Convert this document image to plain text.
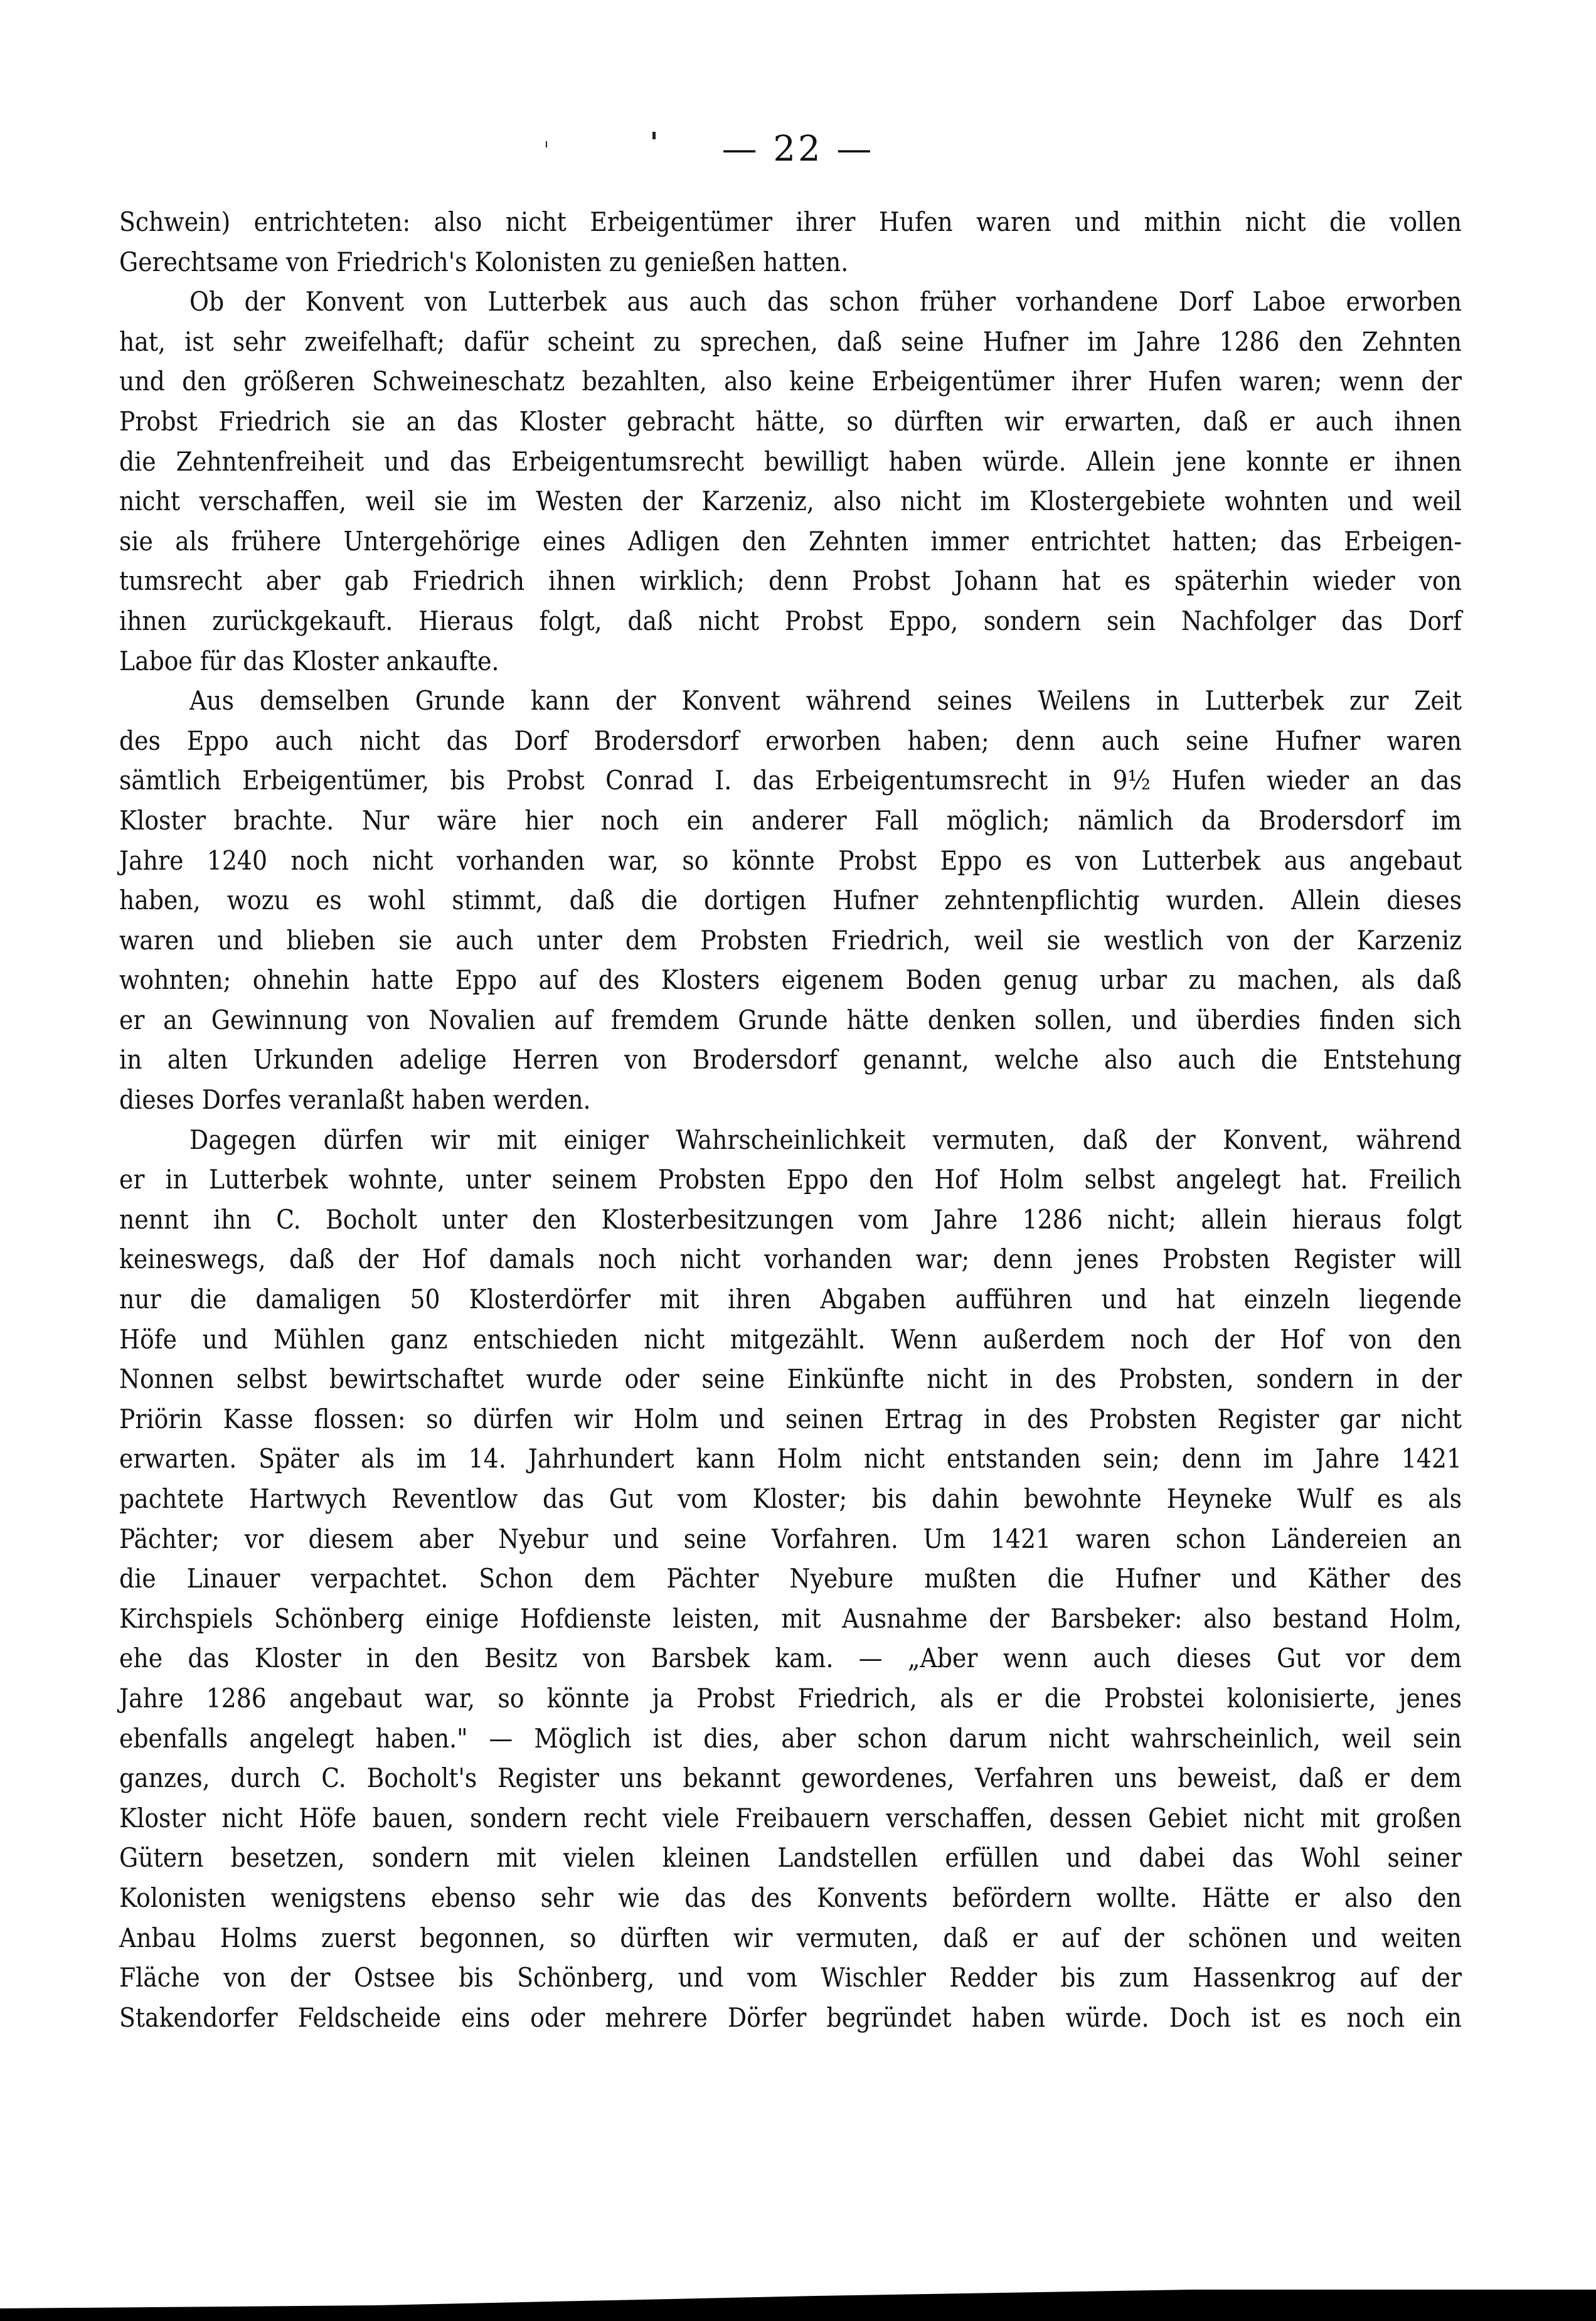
— 22 —
Schwein) entrichteten: also nicht Erbeigentümer ihrer Hufen waren und mithin nicht die vollen
Gerechtsame von Friedrich's Kolonisten zu genießen hatten.
Ob der Konvent von Lutterbek aus auch das schon früher vorhandene Dorf Laboe erworben
hat, ist sehr zweifelhaft; dafür scheint zu sprechen, daß seine Hufner im Jahre 1286 den Zehnten
und den größeren Schweineschatz bezahlten, also keine Erbeigentümer ihrer Hufen waren; wenn der
Probst Friedrich sie an das Kloster gebracht hätte, so dürften wir erwarten, daß er auch ihnen
die Zehntenfreiheit und das Erbeigentumsrecht bewilligt haben würde. Allein jene konnte er ihnen
nicht verschaffen, weil sie im Westen der Karzeniz, also nicht im Klostergebiete wohnten und weil
sie als frühere Untergehörige eines Adligen den Zehnten immer entrichtet hatten; das Erbeigen-
tumsrecht aber gab Friedrich ihnen wirklich; denn Probst Johann hat es späterhin wieder von
ihnen zurückgekauft. Hieraus folgt, daß nicht Probst Eppo, sondern sein Nachfolger das Dorf
Laboe für das Kloster ankaufte.
Aus demselben Grunde kann der Konvent während seines Weilens in Lutterbek zur Zeit
des Eppo auch nicht das Dorf Brodersdorf erworben haben; denn auch seine Hufner waren
sämtlich Erbeigentümer, bis Probst Conrad I. das Erbeigentumsrecht in 9½ Hufen wieder an das
Kloster brachte. Nur wäre hier noch ein anderer Fall möglich; nämlich da Brodersdorf im
Jahre 1240 noch nicht vorhanden war, so könnte Probst Eppo es von Lutterbek aus angebaut
haben, wozu es wohl stimmt, daß die dortigen Hufner zehntenpflichtig wurden. Allein dieses
waren und blieben sie auch unter dem Probsten Friedrich, weil sie westlich von der Karzeniz
wohnten; ohnehin hatte Eppo auf des Klosters eigenem Boden genug urbar zu machen, als daß
er an Gewinnung von Novalien auf fremdem Grunde hätte denken sollen, und überdies finden sich
in alten Urkunden adelige Herren von Brodersdorf genannt, welche also auch die Entstehung
dieses Dorfes veranlaßt haben werden.
Dagegen dürfen wir mit einiger Wahrscheinlichkeit vermuten, daß der Konvent, während
er in Lutterbek wohnte, unter seinem Probsten Eppo den Hof Holm selbst angelegt hat. Freilich
nennt ihn C. Bocholt unter den Klosterbesitzungen vom Jahre 1286 nicht; allein hieraus folgt
keineswegs, daß der Hof damals noch nicht vorhanden war; denn jenes Probsten Register will
nur die damaligen 50 Klosterdörfer mit ihren Abgaben aufführen und hat einzeln liegende
Höfe und Mühlen ganz entschieden nicht mitgezählt. Wenn außerdem noch der Hof von den
Nonnen selbst bewirtschaftet wurde oder seine Einkünfte nicht in des Probsten, sondern in der
Priörin Kasse flossen: so dürfen wir Holm und seinen Ertrag in des Probsten Register gar nicht
erwarten. Später als im 14. Jahrhundert kann Holm nicht entstanden sein; denn im Jahre 1421
pachtete Hartwych Reventlow das Gut vom Kloster; bis dahin bewohnte Heyneke Wulf es als
Pächter; vor diesem aber Nyebur und seine Vorfahren. Um 1421 waren schon Ländereien an
die Linauer verpachtet. Schon dem Pächter Nyebure mußten die Hufner und Käther des
Kirchspiels Schönberg einige Hofdienste leisten, mit Ausnahme der Barsbeker: also bestand Holm,
ehe das Kloster in den Besitz von Barsbek kam. — „Aber wenn auch dieses Gut vor dem
Jahre 1286 angebaut war, so könnte ja Probst Friedrich, als er die Probstei kolonisierte, jenes
ebenfalls angelegt haben." — Möglich ist dies, aber schon darum nicht wahrscheinlich, weil sein
ganzes, durch C. Bocholt's Register uns bekannt gewordenes, Verfahren uns beweist, daß er dem
Kloster nicht Höfe bauen, sondern recht viele Freibauern verschaffen, dessen Gebiet nicht mit großen
Gütern besetzen, sondern mit vielen kleinen Landstellen erfüllen und dabei das Wohl seiner
Kolonisten wenigstens ebenso sehr wie das des Konvents befördern wollte. Hätte er also den
Anbau Holms zuerst begonnen, so dürften wir vermuten, daß er auf der schönen und weiten
Fläche von der Ostsee bis Schönberg, und vom Wischler Redder bis zum Hassenkrog auf der
Stakendorfer Feldscheide eins oder mehrere Dörfer begründet haben würde. Doch ist es noch ein
